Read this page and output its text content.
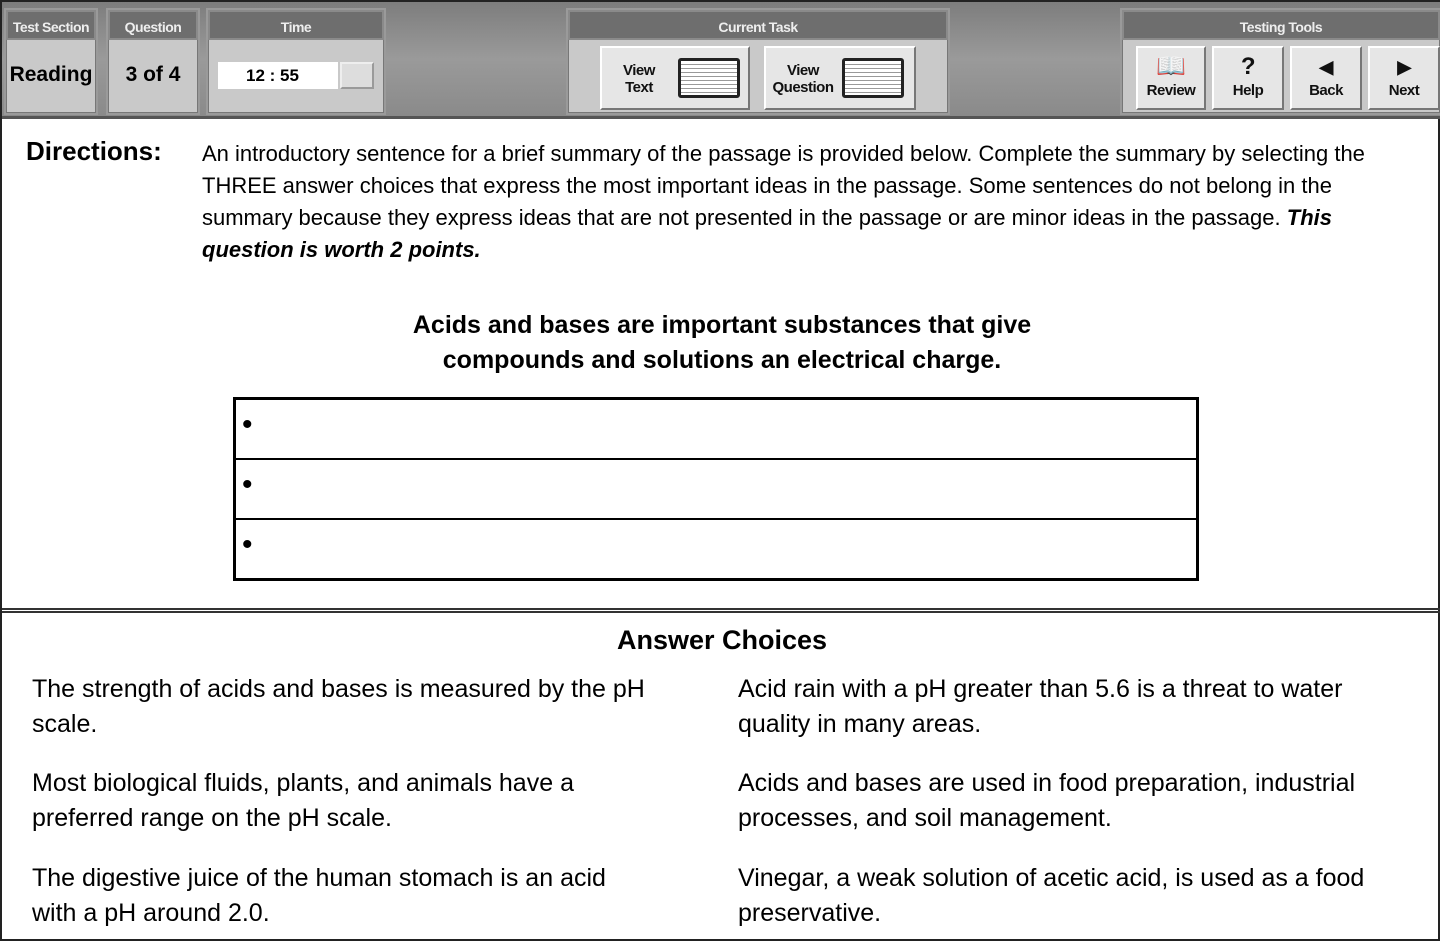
Test Section
Reading
Question
3 of 4
Time
12 : 55
Current Task
View Text
View Question
Testing Tools
📖
Review
?
Help
◀
Back
▶
Next
Directions: An introductory sentence for a brief summary of the passage is provided below. Complete the summary by selecting the THREE answer choices that express the most important ideas in the passage. Some sentences do not belong in the summary because they express ideas that are not presented in the passage or are minor ideas in the passage. This question is worth 2 points.
Acids and bases are important substances that give
compounds and solutions an electrical charge.
•
•
•
Answer Choices
The strength of acids and bases is measured by the pH scale.
Acid rain with a pH greater than 5.6 is a threat to water quality in many areas.
Most biological fluids, plants, and animals have a preferred range on the pH scale.
Acids and bases are used in food preparation, industrial processes, and soil management.
The digestive juice of the human stomach is an acid with a pH around 2.0.
Vinegar, a weak solution of acetic acid, is used as a food preservative.
